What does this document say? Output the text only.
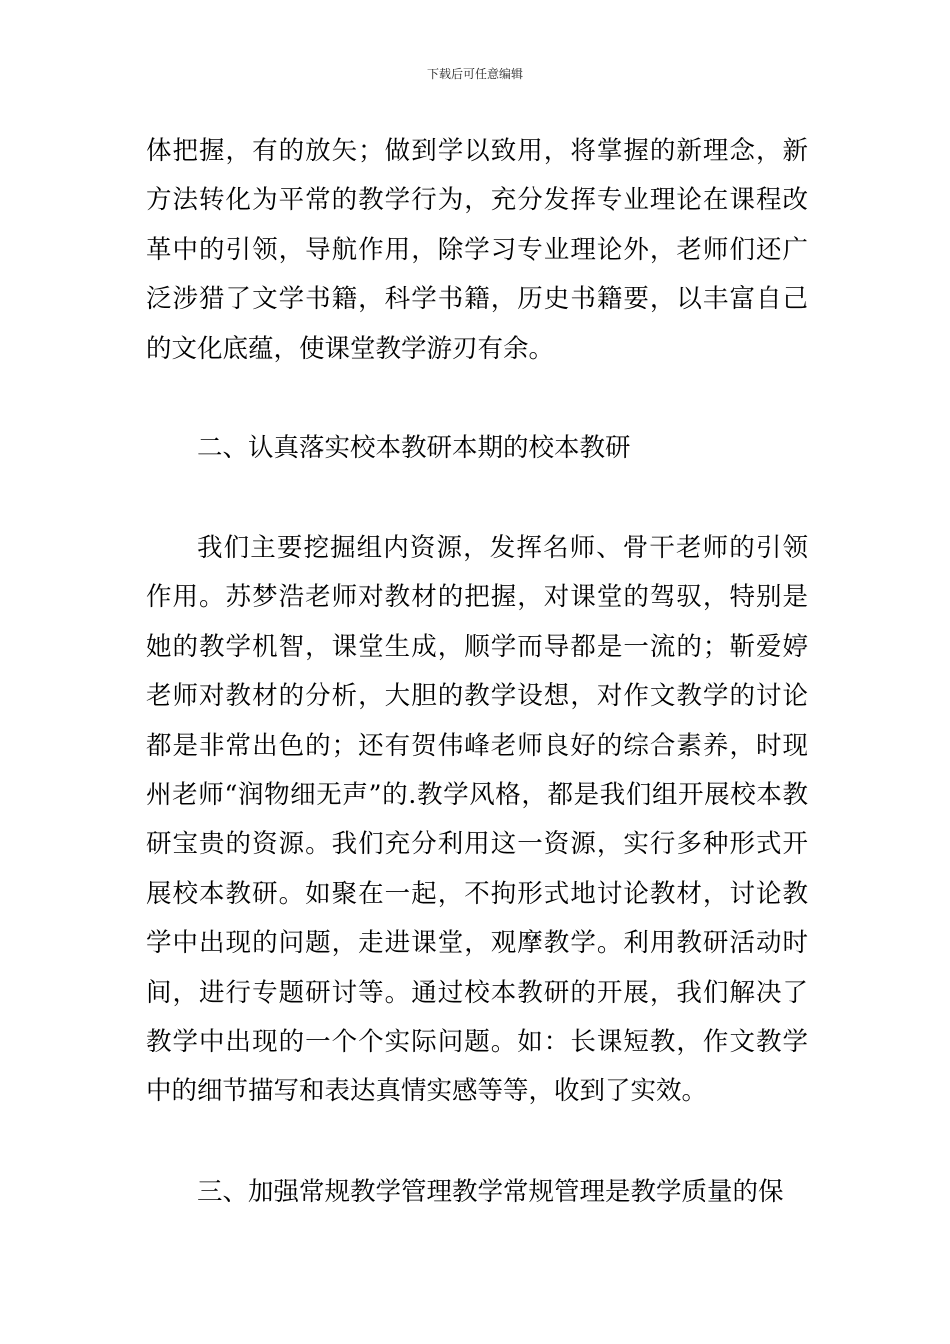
下载后可任意编辑

体把握，有的放矢；做到学以致用，将掌握的新理念，新方法转化为平常的教学行为，充分发挥专业理论在课程改革中的引领，导航作用，除学习专业理论外，老师们还广泛涉猎了文学书籍，科学书籍，历史书籍要，以丰富自己的文化底蕴，使课堂教学游刃有余。

二、认真落实校本教研本期的校本教研

我们主要挖掘组内资源，发挥名师、骨干老师的引领作用。苏梦浩老师对教材的把握，对课堂的驾驭，特别是她的教学机智，课堂生成，顺学而导都是一流的；靳爱婷老师对教材的分析，大胆的教学设想，对作文教学的讨论都是非常出色的；还有贺伟峰老师良好的综合素养，时现州老师“润物细无声”的.教学风格，都是我们组开展校本教研宝贵的资源。我们充分利用这一资源，实行多种形式开展校本教研。如聚在一起，不拘形式地讨论教材，讨论教学中出现的问题，走进课堂，观摩教学。利用教研活动时间，进行专题研讨等。通过校本教研的开展，我们解决了教学中出现的一个个实际问题。如：长课短教，作文教学中的细节描写和表达真情实感等等，收到了实效。

三、加强常规教学管理教学常规管理是教学质量的保
